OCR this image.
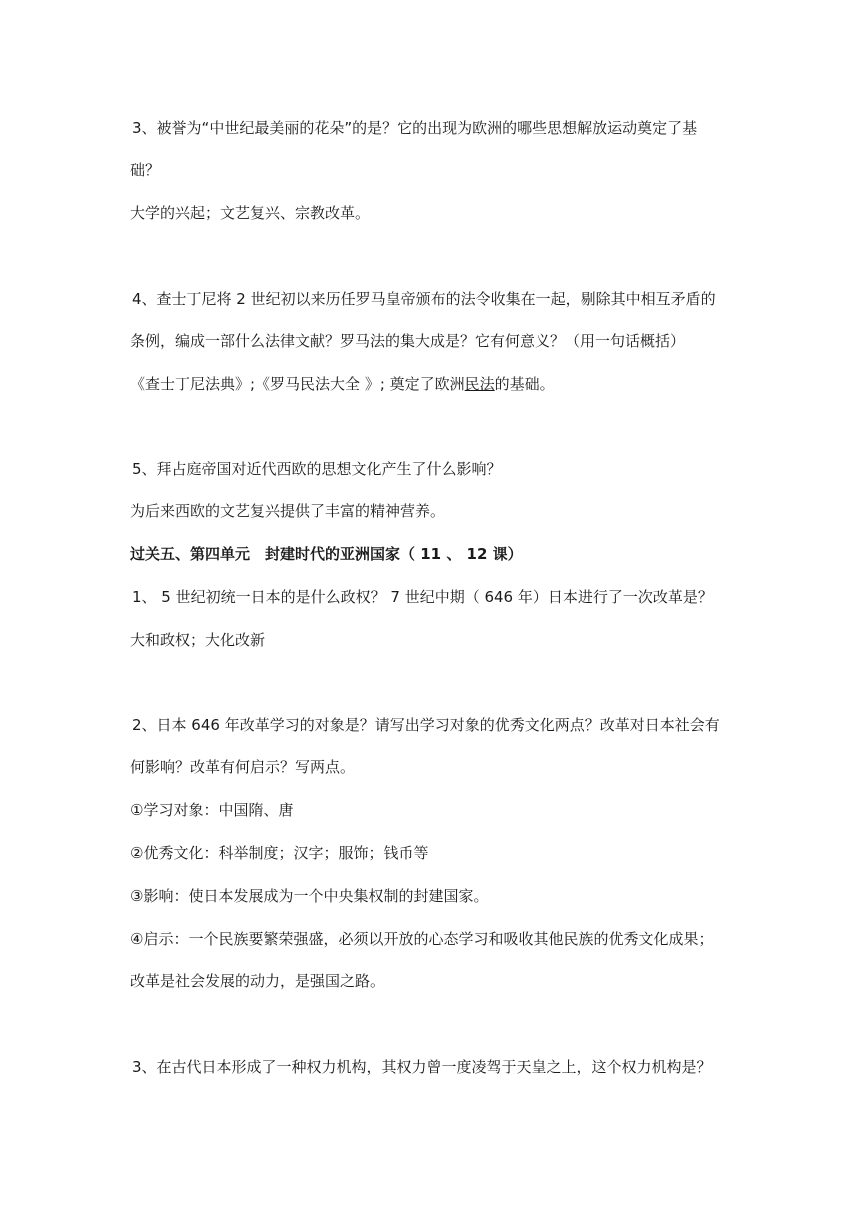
3、被誉为“中世纪最美丽的花朵”的是？它的出现为欧洲的哪些思想解放运动奠定了基
础？
大学的兴起；文艺复兴、宗教改革。
4、查士丁尼将 2 世纪初以来历任罗马皇帝颁布的法令收集在一起，剔除其中相互矛盾的
条例，编成一部什么法律文献？罗马法的集大成是？它有何意义？（用一句话概括）
《查士丁尼法典》;《罗马民法大全 》; 奠定了欧洲民法的基础。
5、拜占庭帝国对近代西欧的思想文化产生了什么影响？
为后来西欧的文艺复兴提供了丰富的精神营养。
过关五、第四单元　封建时代的亚洲国家（ 11 、 12 课）
1、 5 世纪初统一日本的是什么政权？ 7 世纪中期（ 646 年）日本进行了一次改革是？
大和政权；大化改新
2、日本 646 年改革学习的对象是？请写出学习对象的优秀文化两点？改革对日本社会有
何影响？改革有何启示？写两点。
①学习对象：中国隋、唐
②优秀文化：科举制度；汉字；服饰；钱币等
③影响：使日本发展成为一个中央集权制的封建国家。
④启示：一个民族要繁荣强盛，必须以开放的心态学习和吸收其他民族的优秀文化成果；
改革是社会发展的动力，是强国之路。
3、在古代日本形成了一种权力机构，其权力曾一度凌驾于天皇之上，这个权力机构是？
